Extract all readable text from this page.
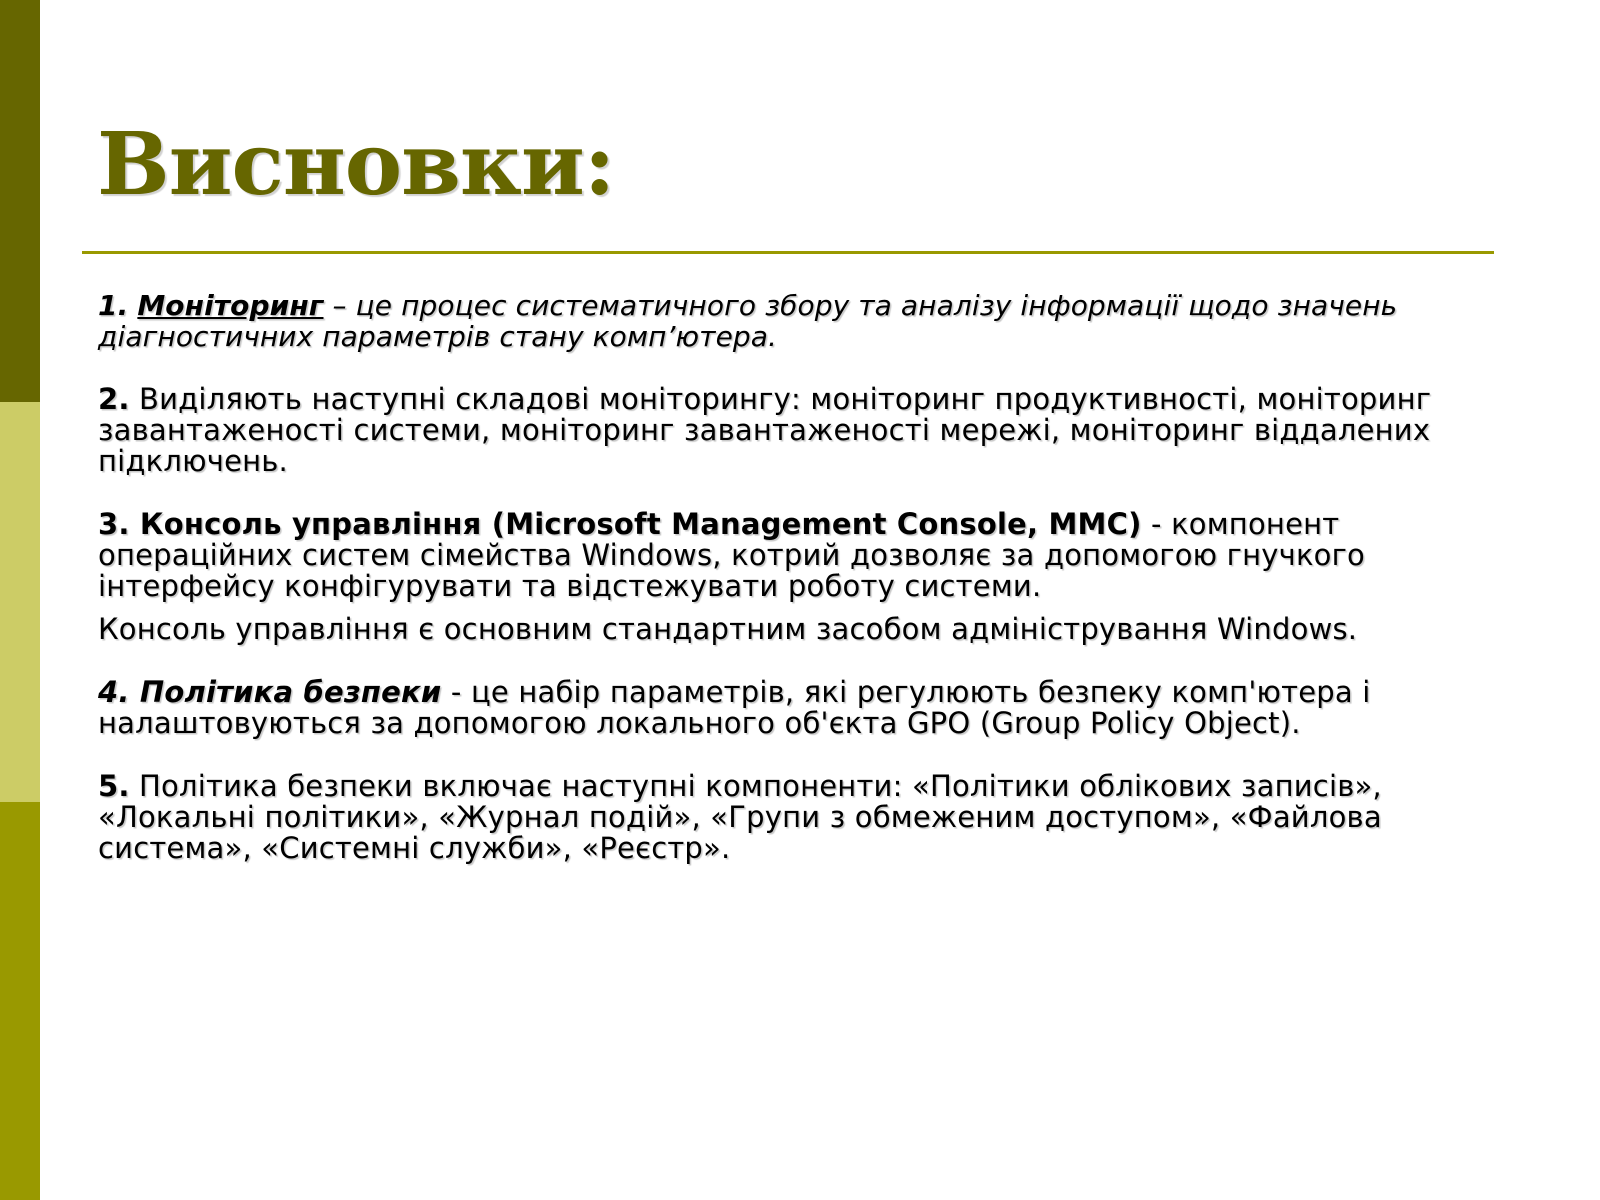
Висновки:

1. Моніторинг – це процес систематичного збору та аналізу інформації щодо значень діагностичних параметрів стану комп’ютера.

2. Виділяють наступні складові моніторингу: моніторинг продуктивності, моніторинг завантаженості системи, моніторинг завантаженості мережі, моніторинг віддалених підключень.

3. Консоль управління (Microsoft Management Console, MMC) - компонент операційних систем сімейства Windows, котрий дозволяє за допомогою гнучкого інтерфейсу конфігурувати та відстежувати роботу системи.

Консоль управління є основним стандартним засобом адміністрування Windows.

4. Політика безпеки - це набір параметрів, які регулюють безпеку комп'ютера і налаштовуються за допомогою локального об'єкта GPO (Group Policy Object).

5. Політика безпеки включає наступні компоненти: «Політики облікових записів», «Локальні політики», «Журнал подій», «Групи з обмеженим доступом», «Файлова система», «Системні служби», «Реєстр».
